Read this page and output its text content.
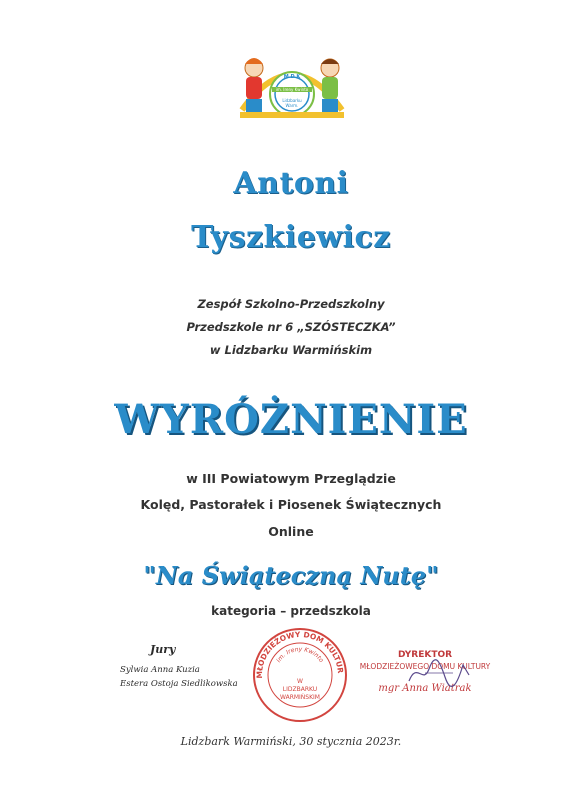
M D K
im. Ireny Kwinto
Lidzbarku Warm.
Antoni
Tyszkiewicz
Zespół Szkolno-Przedszkolny
Przedszkole nr 6 „SZÓSTECZKA”
w Lidzbarku Warmińskim
WYRÓŻNIENIE
w III Powiatowym Przeglądzie
Kolęd, Pastorałek i Piosenek Świątecznych
Online
"Na Świąteczną Nutę"
kategoria – przedszkola
Jury
Sylwia Anna Kuzia
Estera Ostoja Siedlikowska
MŁODZIEŻOWY DOM KULTUR
im. Ireny Kwinto
W
LIDZBARKU
WARMIŃSKIM
DYREKTOR
MŁODZIEŻOWEGO DOMU KULTURY
mgr Anna Wiatrak
Lidzbark Warmiński, 30 stycznia 2023r.
